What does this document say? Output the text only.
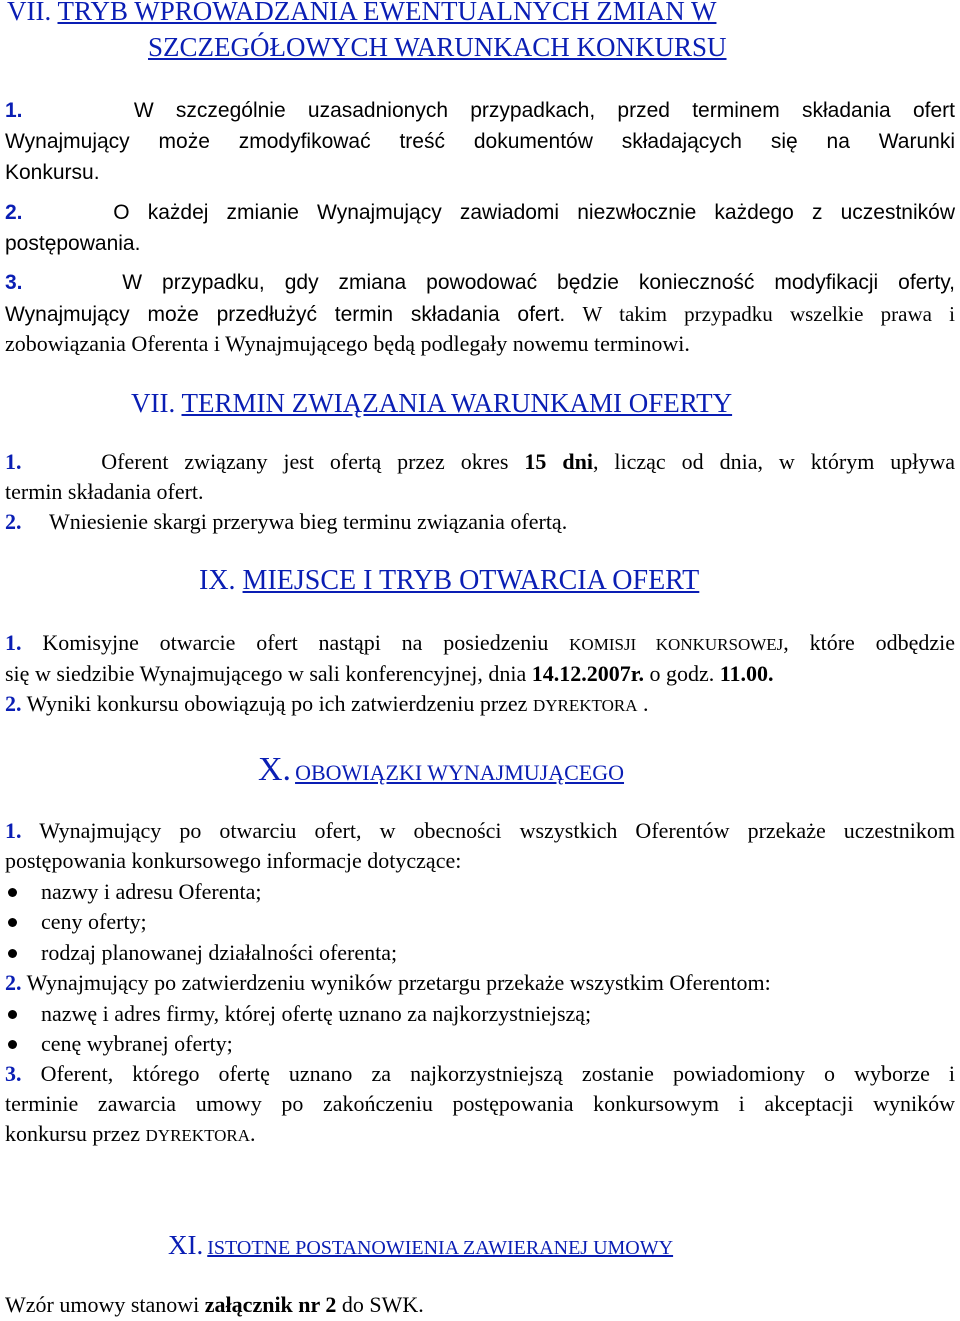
VII. TRYB WPROWADZANIA EWENTUALNYCH ZMIAN W
SZCZEGÓŁOWYCH WARUNKACH KONKURSU
1.	W szczególnie uzasadnionych przypadkach, przed terminem składania ofert
Wynajmujący może zmodyfikować treść dokumentów składających się na Warunki
Konkursu.
2.	O każdej zmianie Wynajmujący zawiadomi niezwłocznie każdego z uczestników
postępowania.
3.	W przypadku, gdy zmiana powodować będzie konieczność modyfikacji oferty,
Wynajmujący może przedłużyć termin składania ofert. W takim przypadku wszelkie prawa i
zobowiązania Oferenta i Wynajmującego będą podlegały nowemu terminowi.
VII. TERMIN ZWIĄZANIA WARUNKAMI OFERTY
1.	Oferent związany jest ofertą przez okres 15 dni, licząc od dnia, w którym upływa
termin składania ofert.
2. Wniesienie skargi przerywa bieg terminu związania ofertą.
IX. MIEJSCE I TRYB OTWARCIA OFERT
1. Komisyjne otwarcie ofert nastąpi na posiedzeniu KOMISJI KONKURSOWEJ, które odbędzie
się w siedzibie Wynajmującego w sali konferencyjnej, dnia 14.12.2007r. o godz. 11.00.
2. Wyniki konkursu obowiązują po ich zatwierdzeniu przez DYREKTORA .
X. OBOWIĄZKI WYNAJMUJĄCEGO
1. Wynajmujący po otwarciu ofert, w obecności wszystkich Oferentów przekaże uczestnikom
postępowania konkursowego informacje dotyczące:
nazwy i adresu Oferenta;
ceny oferty;
rodzaj planowanej działalności oferenta;
2. Wynajmujący po zatwierdzeniu wyników przetargu przekaże wszystkim Oferentom:
nazwę i adres firmy, której ofertę uznano za najkorzystniejszą;
cenę wybranej oferty;
3. Oferent, którego ofertę uznano za najkorzystniejszą zostanie powiadomiony o wyborze i
terminie zawarcia umowy po zakończeniu postępowania konkursowym i akceptacji wyników
konkursu przez DYREKTORA.
XI. ISTOTNE POSTANOWIENIA ZAWIERANEJ UMOWY
Wzór umowy stanowi załącznik nr 2 do SWK.
